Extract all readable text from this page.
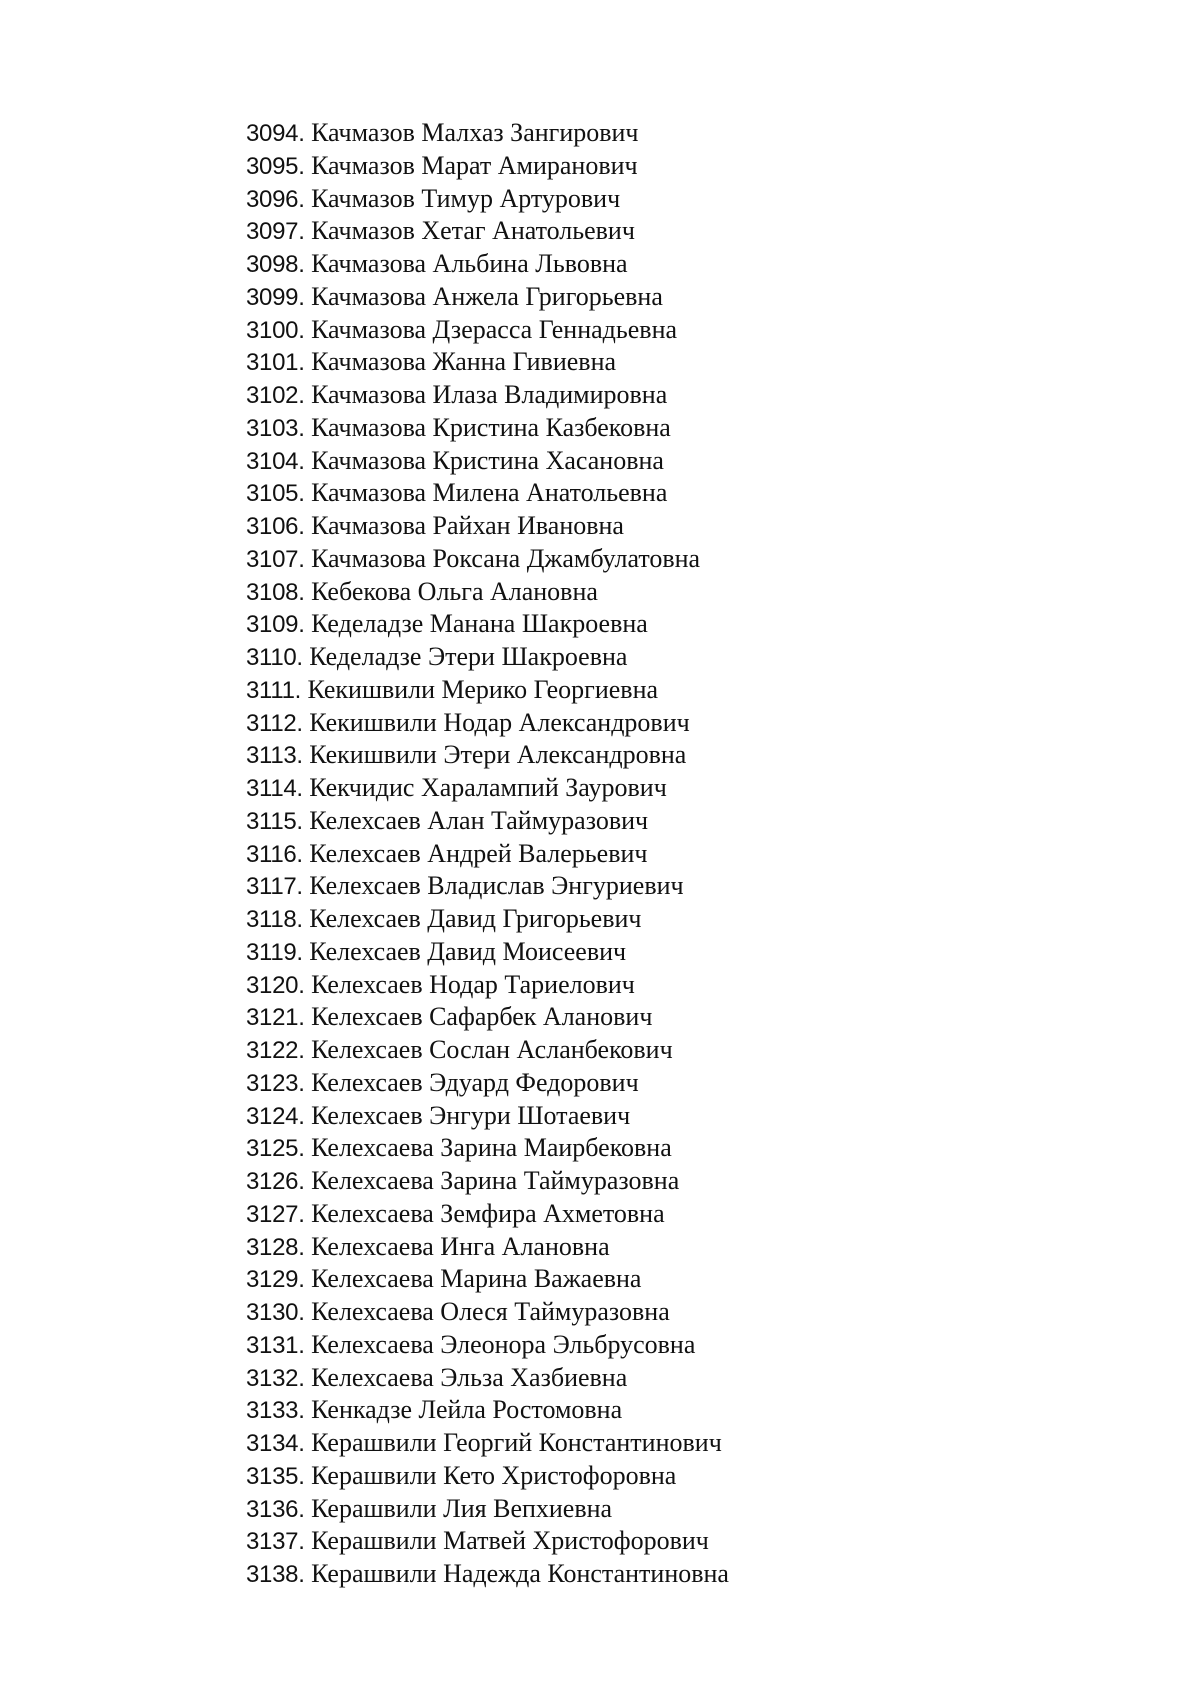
3094. Качмазов Малхаз Зангирович
3095. Качмазов Марат Амиранович
3096. Качмазов Тимур Артурович
3097. Качмазов Хетаг Анатольевич
3098. Качмазова Альбина Львовна
3099. Качмазова Анжела Григорьевна
3100. Качмазова Дзерасса Геннадьевна
3101. Качмазова Жанна Гивиевна
3102. Качмазова Илаза Владимировна
3103. Качмазова Кристина Казбековна
3104. Качмазова Кристина Хасановна
3105. Качмазова Милена Анатольевна
3106. Качмазова Райхан Ивановна
3107. Качмазова Роксана Джамбулатовна
3108. Кебекова Ольга Алановна
3109. Кеделадзе Манана Шакроевна
3110. Кеделадзе Этери Шакроевна
3111. Кекишвили Мерико Георгиевна
3112. Кекишвили Нодар Александрович
3113. Кекишвили Этери Александровна
3114. Кекчидис Харалампий Заурович
3115. Келехсаев Алан Таймуразович
3116. Келехсаев Андрей Валерьевич
3117. Келехсаев Владислав Энгуриевич
3118. Келехсаев Давид Григорьевич
3119. Келехсаев Давид Моисеевич
3120. Келехсаев Нодар Тариелович
3121. Келехсаев Сафарбек Аланович
3122. Келехсаев Сослан Асланбекович
3123. Келехсаев Эдуард Федорович
3124. Келехсаев Энгури Шотаевич
3125. Келехсаева Зарина Маирбековна
3126. Келехсаева Зарина Таймуразовна
3127. Келехсаева Земфира Ахметовна
3128. Келехсаева Инга Алановна
3129. Келехсаева Марина Важаевна
3130. Келехсаева Олеся Таймуразовна
3131. Келехсаева Элеонора Эльбрусовна
3132. Келехсаева Эльза Хазбиевна
3133. Кенкадзе Лейла Ростомовна
3134. Керашвили Георгий Константинович
3135. Керашвили Кето Христофоровна
3136. Керашвили Лия Вепхиевна
3137. Керашвили Матвей Христофорович
3138. Керашвили Надежда Константиновна
